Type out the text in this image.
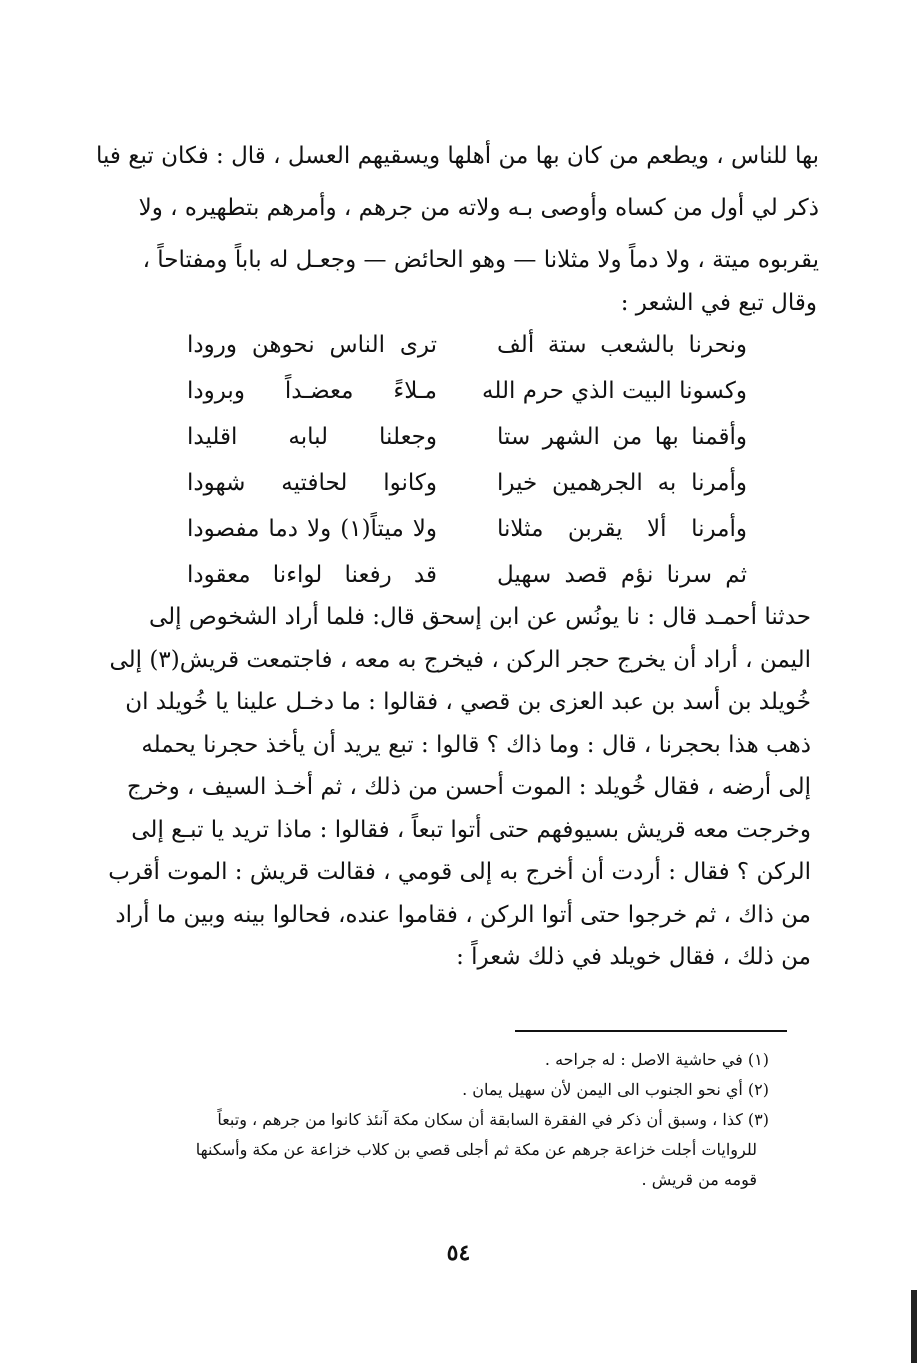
بها للناس ، ويطعم من كان بها من أهلها ويسقيهم العسل ، قال : فكان تبع فيا
ذكر لي أول من كساه وأوصى بـه ولاته من جرهم ، وأمرهم بتطهيره ، ولا
يقربوه ميتة ، ولا دماً ولا مثلانا — وهو الحائض — وجعـل له باباً ومفتاحاً ،
وقال تبع في الشعر :
ونحرنا بالشعب ستة ألف
ترى الناس نحوهن ورودا
وكسونا البيت الذي حرم الله
مـلاءً معضـداً وبرودا
وأقمنا بها من الشهر ستا
وجعلنا لبابه اقليدا
وأمرنا به الجرهمين خيرا
وكانوا لحافتيه شهودا
وأمرنا ألا يقربن مثلانا
ولا ميتاً(١) ولا دما مفصودا
ثم سرنا نؤم قصد سهيل
قد رفعنا لواءنا معقودا
حدثنا أحمـد قال : نا يونُس عن ابن إسحق قال: فلما أراد الشخوص إلى
اليمن ، أراد أن يخرج حجر الركن ، فيخرج به معه ، فاجتمعت قريش(٣) إلى
خُويلد بن أسد بن عبد العزى بن قصي ، فقالوا : ما دخـل علينا يا خُويلد ان
ذهب هذا بحجرنا ، قال : وما ذاك ؟ قالوا : تبع يريد أن يأخذ حجرنا يحمله
إلى أرضه ، فقال خُويلد : الموت أحسن من ذلك ، ثم أخـذ السيف ، وخرج
وخرجت معه قريش بسيوفهم حتى أتوا تبعاً ، فقالوا : ماذا تريد يا تبـع إلى
الركن ؟ فقال : أردت أن أخرج به إلى قومي ، فقالت قريش : الموت أقرب
من ذاك ، ثم خرجوا حتى أتوا الركن ، فقاموا عنده، فحالوا بينه وبين ما أراد
من ذلك ، فقال خويلد في ذلك شعراً :
(١) في حاشية الاصل : له جراحه .
(٢) أي نحو الجنوب الى اليمن لأن سهيل يمان .
(٣) كذا ، وسبق أن ذكر في الفقرة السابقة أن سكان مكة آنئذ كانوا من جرهم ، وتبعاً
للروايات أجلت خزاعة جرهم عن مكة ثم أجلى قصي بن كلاب خزاعة عن مكة وأسكنها
قومه من قريش .
٥٤
